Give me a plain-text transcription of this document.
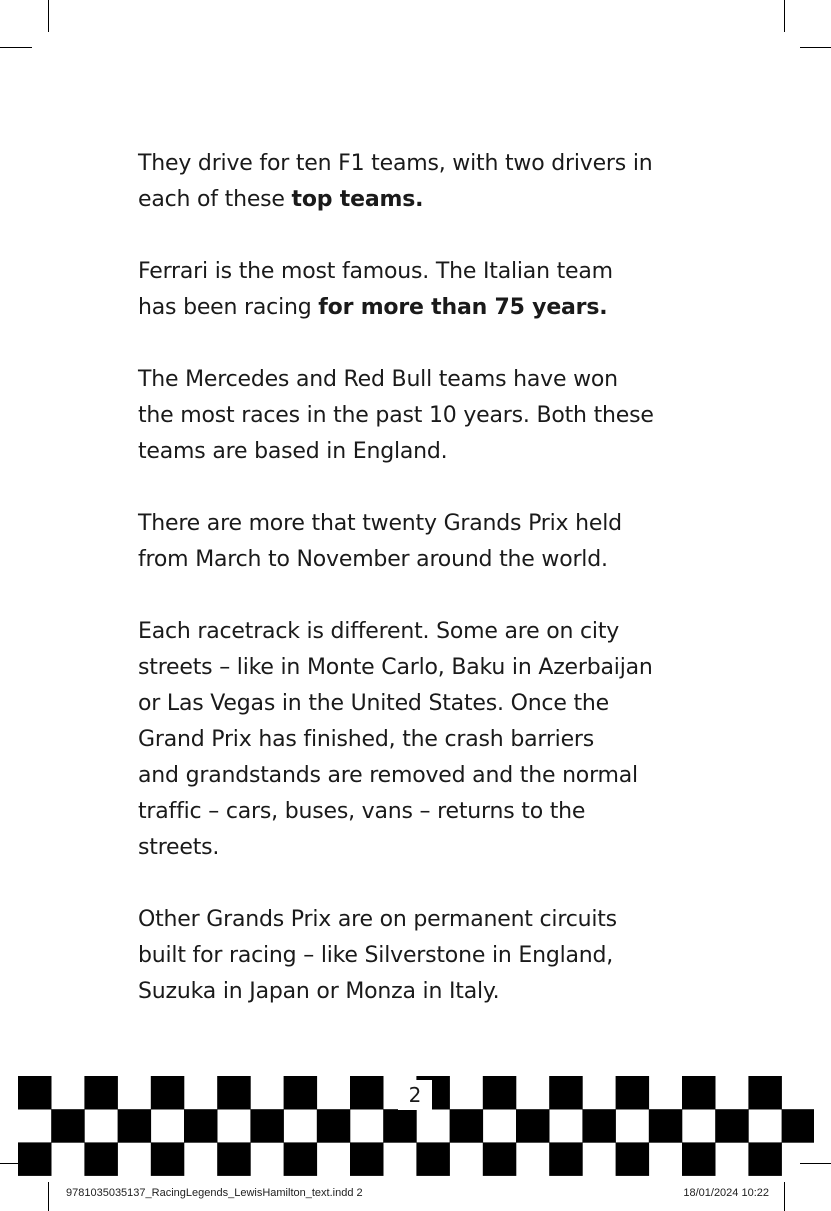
They drive for ten F1 teams, with two drivers in
each of these top teams.

Ferrari is the most famous. The Italian team
has been racing for more than 75 years.

The Mercedes and Red Bull teams have won
the most races in the past 10 years. Both these
teams are based in England.

There are more that twenty Grands Prix held
from March to November around the world.

Each racetrack is different. Some are on city
streets – like in Monte Carlo, Baku in Azerbaijan
or Las Vegas in the United States. Once the
Grand Prix has finished, the crash barriers
and grandstands are removed and the normal
traffic – cars, buses, vans – returns to the
streets.

Other Grands Prix are on permanent circuits
built for racing – like Silverstone in England,
Suzuka in Japan or Monza in Italy.

2
9781035035137_RacingLegends_LewisHamilton_text.indd 2	18/01/2024 10:22
